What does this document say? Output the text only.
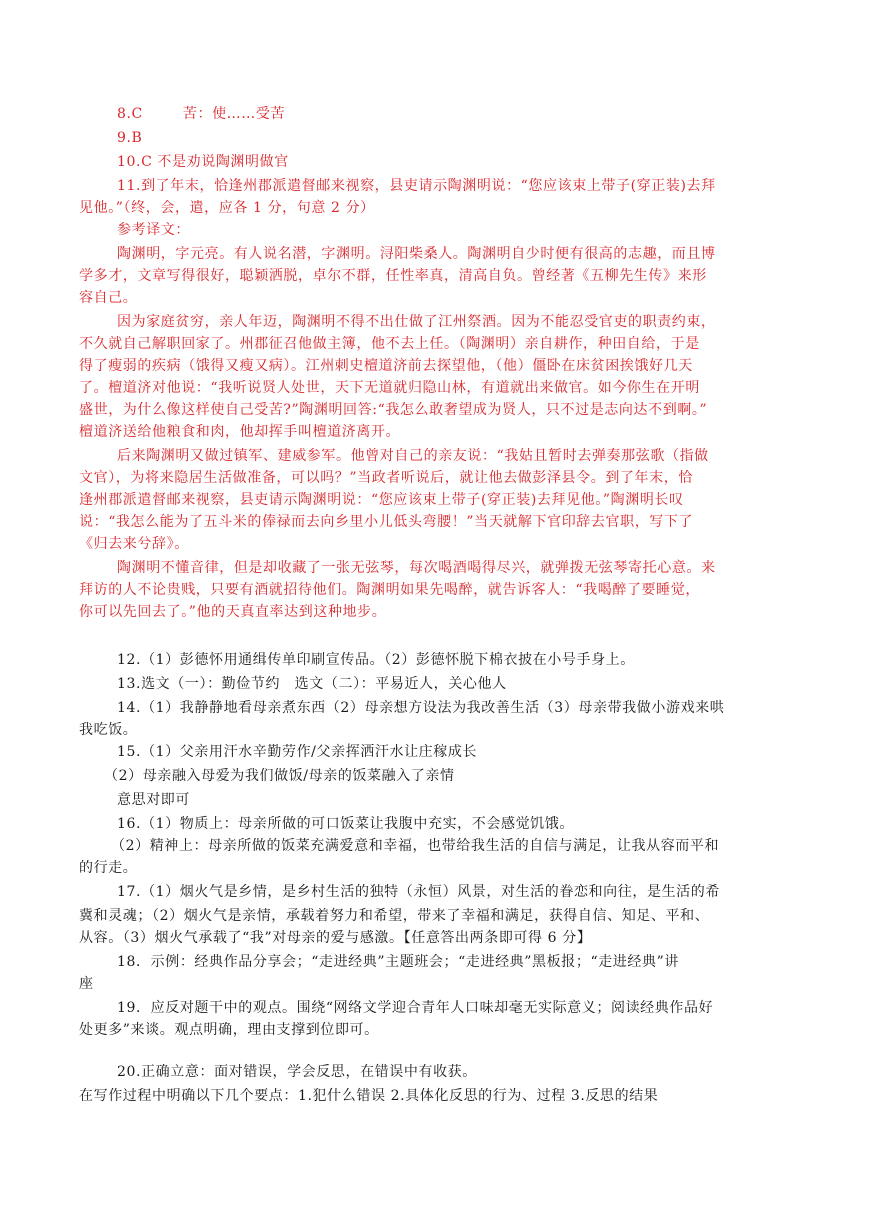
8.C	苦：使……受苦
9.B
10.C 不是劝说陶渊明做官
11.到了年末，恰逢州郡派遣督邮来视察，县吏请示陶渊明说：“您应该束上带子(穿正装)去拜
见他。”（终，会，遣，应各 1 分，句意 2 分）
参考译文：
陶渊明，字元亮。有人说名潜，字渊明。浔阳柴桑人。陶渊明自少时便有很高的志趣，而且博
学多才，文章写得很好，聪颖洒脱，卓尔不群，任性率真，清高自负。曾经著《五柳先生传》来形
容自己。
因为家庭贫穷，亲人年迈，陶渊明不得不出仕做了江州祭酒。因为不能忍受官吏的职责约束，
不久就自己解职回家了。州郡征召他做主簿，他不去上任。（陶渊明）亲自耕作，种田自给，于是
得了瘦弱的疾病（饿得又瘦又病）。江州刺史檀道济前去探望他，（他）僵卧在床贫困挨饿好几天
了。檀道济对他说：“我听说贤人处世，天下无道就归隐山林，有道就出来做官。如今你生在开明
盛世，为什么像这样使自己受苦?”陶渊明回答:“我怎么敢奢望成为贤人，只不过是志向达不到啊。”
檀道济送给他粮食和肉，他却挥手叫檀道济离开。
后来陶渊明又做过镇军、建威参军。他曾对自己的亲友说：“我姑且暂时去弹奏那弦歌（指做
文官），为将来隐居生活做准备，可以吗？”当政者听说后，就让他去做彭泽县令。到了年末，恰
逢州郡派遣督邮来视察，县吏请示陶渊明说：“您应该束上带子(穿正装)去拜见他。”陶渊明长叹
说：“我怎么能为了五斗米的俸禄而去向乡里小儿低头弯腰！”当天就解下官印辞去官职，写下了
《归去来兮辞》。
陶渊明不懂音律，但是却收藏了一张无弦琴，每次喝酒喝得尽兴，就弹拨无弦琴寄托心意。来
拜访的人不论贵贱，只要有酒就招待他们。陶渊明如果先喝醉，就告诉客人：“我喝醉了要睡觉，
你可以先回去了。”他的天真直率达到这种地步。
12.（1）彭德怀用通缉传单印刷宣传品。（2）彭德怀脱下棉衣披在小号手身上。
13.选文（一）：勤俭节约　选文（二）：平易近人，关心他人
14.（1）我静静地看母亲煮东西（2）母亲想方设法为我改善生活（3）母亲带我做小游戏来哄
我吃饭。
15.（1）父亲用汗水辛勤劳作/父亲挥洒汗水让庄稼成长
（2）母亲融入母爱为我们做饭/母亲的饭菜融入了亲情
意思对即可
16.（1）物质上：母亲所做的可口饭菜让我腹中充实，不会感觉饥饿。
（2）精神上：母亲所做的饭菜充满爱意和幸福，也带给我生活的自信与满足，让我从容而平和
的行走。
17.（1）烟火气是乡情，是乡村生活的独特（永恒）风景，对生活的眷恋和向往，是生活的希
冀和灵魂；（2）烟火气是亲情，承载着努力和希望，带来了幸福和满足，获得自信、知足、平和、
从容。（3）烟火气承载了“我”对母亲的爱与感激。【任意答出两条即可得 6 分】
18．示例：经典作品分享会；“走进经典”主题班会；“走进经典”黑板报；“走进经典”讲
座
19．应反对题干中的观点。围绕“网络文学迎合青年人口味却毫无实际意义；阅读经典作品好
处更多”来谈。观点明确，理由支撑到位即可。
20.正确立意：面对错误，学会反思，在错误中有收获。
在写作过程中明确以下几个要点：1.犯什么错误 2.具体化反思的行为、过程 3.反思的结果
